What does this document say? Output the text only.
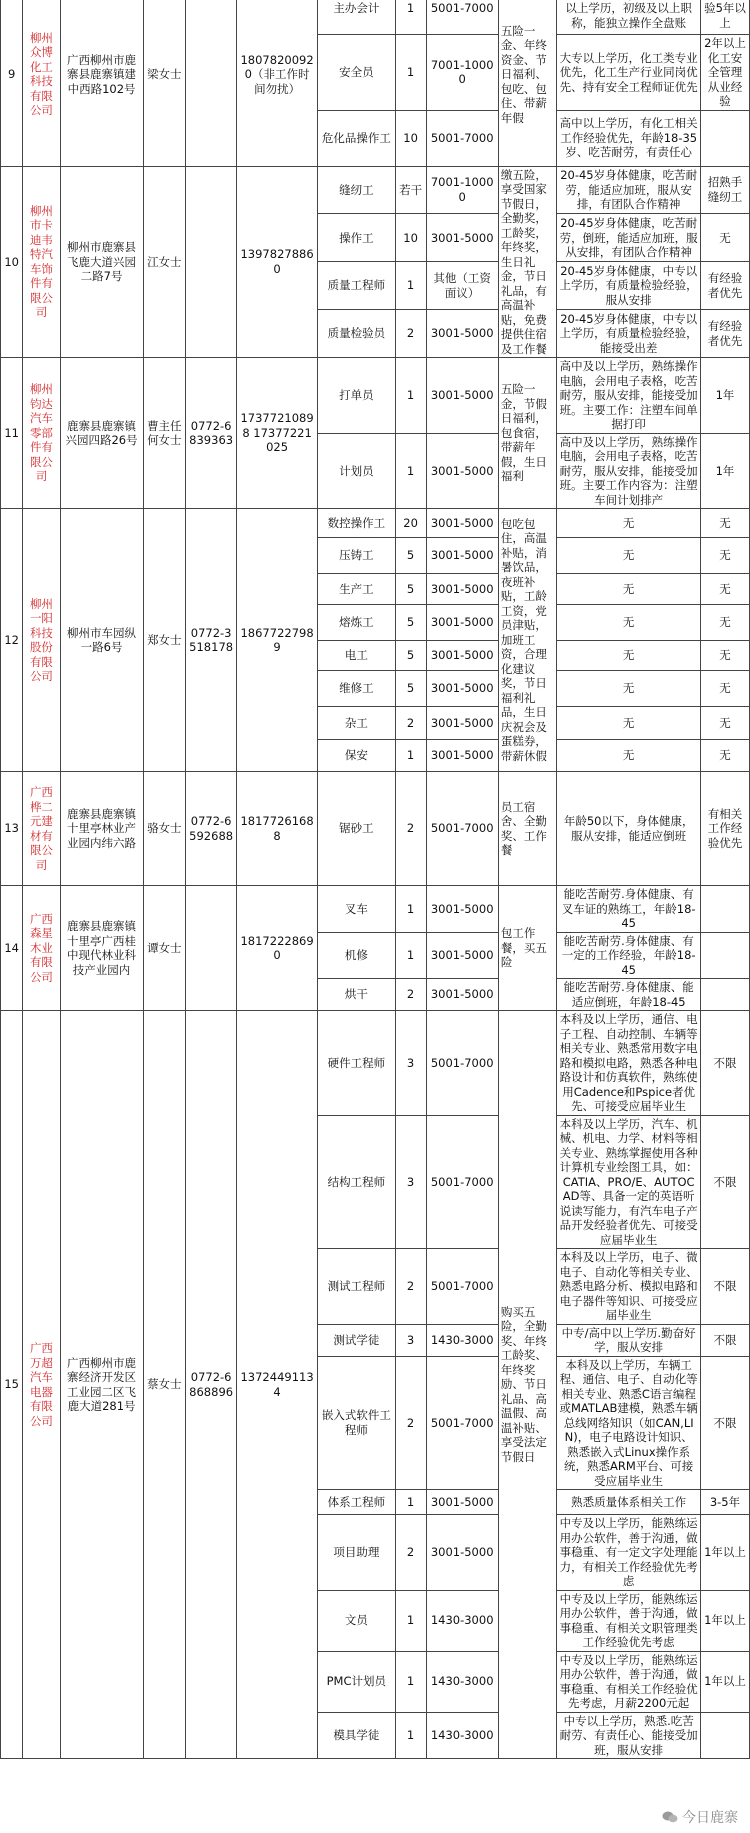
9	柳州众博化工科技有限公司	广西柳州市鹿寨县鹿寨镇建中西路102号	梁女士		18078200920（非工作时间勿扰）	主办会计	1	5001-7000	五险一金、年终资金、节日福利、包吃、包住、带薪年假	以上学历，初级及以上职称，能独立操作全盘账	验5年以上
						安全员	1	7001-10000		大专以上学历，化工类专业优先，化工生产行业同岗优先、持有安全工程师证优先	2年以上化工安全管理从业经验
						危化品操作工	10	5001-7000		高中以上学历，有化工相关工作经验优先，年龄18-35岁、吃苦耐劳，有责任心	
10	柳州市卡迪韦特汽车饰件有限公司	柳州市鹿寨县飞鹿大道兴园二路7号	江女士		13978278860	缝纫工	若干	7001-10000	缴五险，享受国家节假日，全勤奖，工龄奖，年终奖，生日礼金，节日礼品，有高温补贴，免费提供住宿及工作餐	20-45岁身体健康，吃苦耐劳，能适应加班，服从安排，有团队合作精神	招熟手缝纫工
						操作工	10	3001-5000		20-45岁身体健康，吃苦耐劳，倒班，能适应加班，服从安排，有团队合作精神	无
						质量工程师	1	其他（工资面议）		20-45岁身体健康，中专以上学历，有质量检验经验，服从安排	有经验者优先
						质量检验员	2	3001-5000		20-45岁身体健康，中专以上学历，有质量检验经验，能接受出差	有经验者优先
11	柳州钧达汽车零部件有限公司	鹿寨县鹿寨镇兴园四路26号	曹主任何女士	0772-6839363	17377210898 17377221025	打单员	1	3001-5000	五险一金，节假日福利，包食宿，带薪年假，生日福利	高中及以上学历，熟练操作电脑，会用电子表格，吃苦耐劳，服从安排，能接受加班。主要工作：注塑车间单据打印	1年
						计划员	1	3001-5000		高中及以上学历，熟练操作电脑，会用电子表格，吃苦耐劳，服从安排，能接受加班。主要工作内容为：注塑车间计划排产	1年
12	柳州一阳科技股份有限公司	柳州市车园纵一路6号	郑女士	0772-3518178	18677227989	数控操作工	20	3001-5000	包吃包住，高温补贴，消暑饮品，夜班补贴，工龄工资，党员津贴，加班工资，合理化建议奖，节日福利礼品，生日庆祝会及蛋糕券，带薪休假	无	无
						压铸工	5	3001-5000		无	无
						生产工	5	3001-5000		无	无
						熔炼工	5	3001-5000		无	无
						电工	5	3001-5000		无	无
						维修工	5	3001-5000		无	无
						杂工	2	3001-5000		无	无
						保安	1	3001-5000		无	无
13	广西桦二元建材有限公司	鹿寨县鹿寨镇十里亭林业产业园内纬六路	骆女士	0772-6592688	18177261688	锯砂工	2	5001-7000	员工宿舍、全勤奖、工作餐	年龄50以下，身体健康，服从安排，能适应倒班	有相关工作经验优先
14	广西森星木业有限公司	鹿寨县鹿寨镇十里亭广西桂中现代林业科技产业园内	谭女士		18172228690	叉车	1	3001-5000	包工作餐，买五险	能吃苦耐劳.身体健康、有叉车证的熟练工，年龄18-45	
						机修	1	3001-5000		能吃苦耐劳.身体健康、有一定的工作经验，年龄18-45	
						烘干	2	3001-5000		能吃苦耐劳.身体健康、能适应倒班，年龄18-45	
15	广西万超汽车电器有限公司	广西柳州市鹿寨经济开发区工业园二区飞鹿大道281号	蔡女士	0772-6868896	13724491134	硬件工程师	3	5001-7000	购买五险，全勤奖、年终工龄奖、年终奖励、节日礼品、高温假、高温补贴、享受法定节假日	本科及以上学历，通信、电子工程、自动控制、车辆等相关专业、熟悉常用数字电路和模拟电路，熟悉各种电路设计和仿真软件，熟练使用Cadence和Pspice者优先、可接受应届毕业生	不限
						结构工程师	3	5001-7000		本科及以上学历，汽车、机械、机电、力学、材料等相关专业、熟练掌握使用各种计算机专业绘图工具，如：CATIA、PRO/E、AUTOCAD等、具备一定的英语听说读写能力，有汽车电子产品开发经验者优先、可接受应届毕业生	不限
						测试工程师	2	5001-7000		本科及以上学历，电子、微电子、自动化等相关专业、熟悉电路分析、模拟电路和电子器件等知识、可接受应届毕业生	不限
						测试学徒	3	1430-3000		中专/高中以上学历.勤奋好学，服从安排	不限
						嵌入式软件工程师	2	5001-7000		本科及以上学历，车辆工程、通信、电子、自动化等相关专业、熟悉C语言编程或MATLAB建模，熟悉车辆总线网络知识（如CAN,LIN)，电子电路设计知识、熟悉嵌入式Linux操作系统，熟悉ARM平台、可接受应届毕业生	不限
						体系工程师	1	3001-5000		熟悉质量体系相关工作	3-5年
						项目助理	2	3001-5000		中专及以上学历，能熟练运用办公软件，善于沟通，做事稳重、有一定文字处理能力，有相关工作经验优先考虑	1年以上
						文员	1	1430-3000		中专及以上学历，能熟练运用办公软件，善于沟通，做事稳重、有相关文职管理类工作经验优先考虑	1年以上
						PMC计划员	1	1430-3000		中专及以上学历，能熟练运用办公软件，善于沟通，做事稳重、有相关工作经验优先考虑，月薪2200元起	1年以上
						模具学徒	1	1430-3000		中专以上学历，熟悉.吃苦耐劳、有责任心、能接受加班，服从安排	
今日鹿寨
